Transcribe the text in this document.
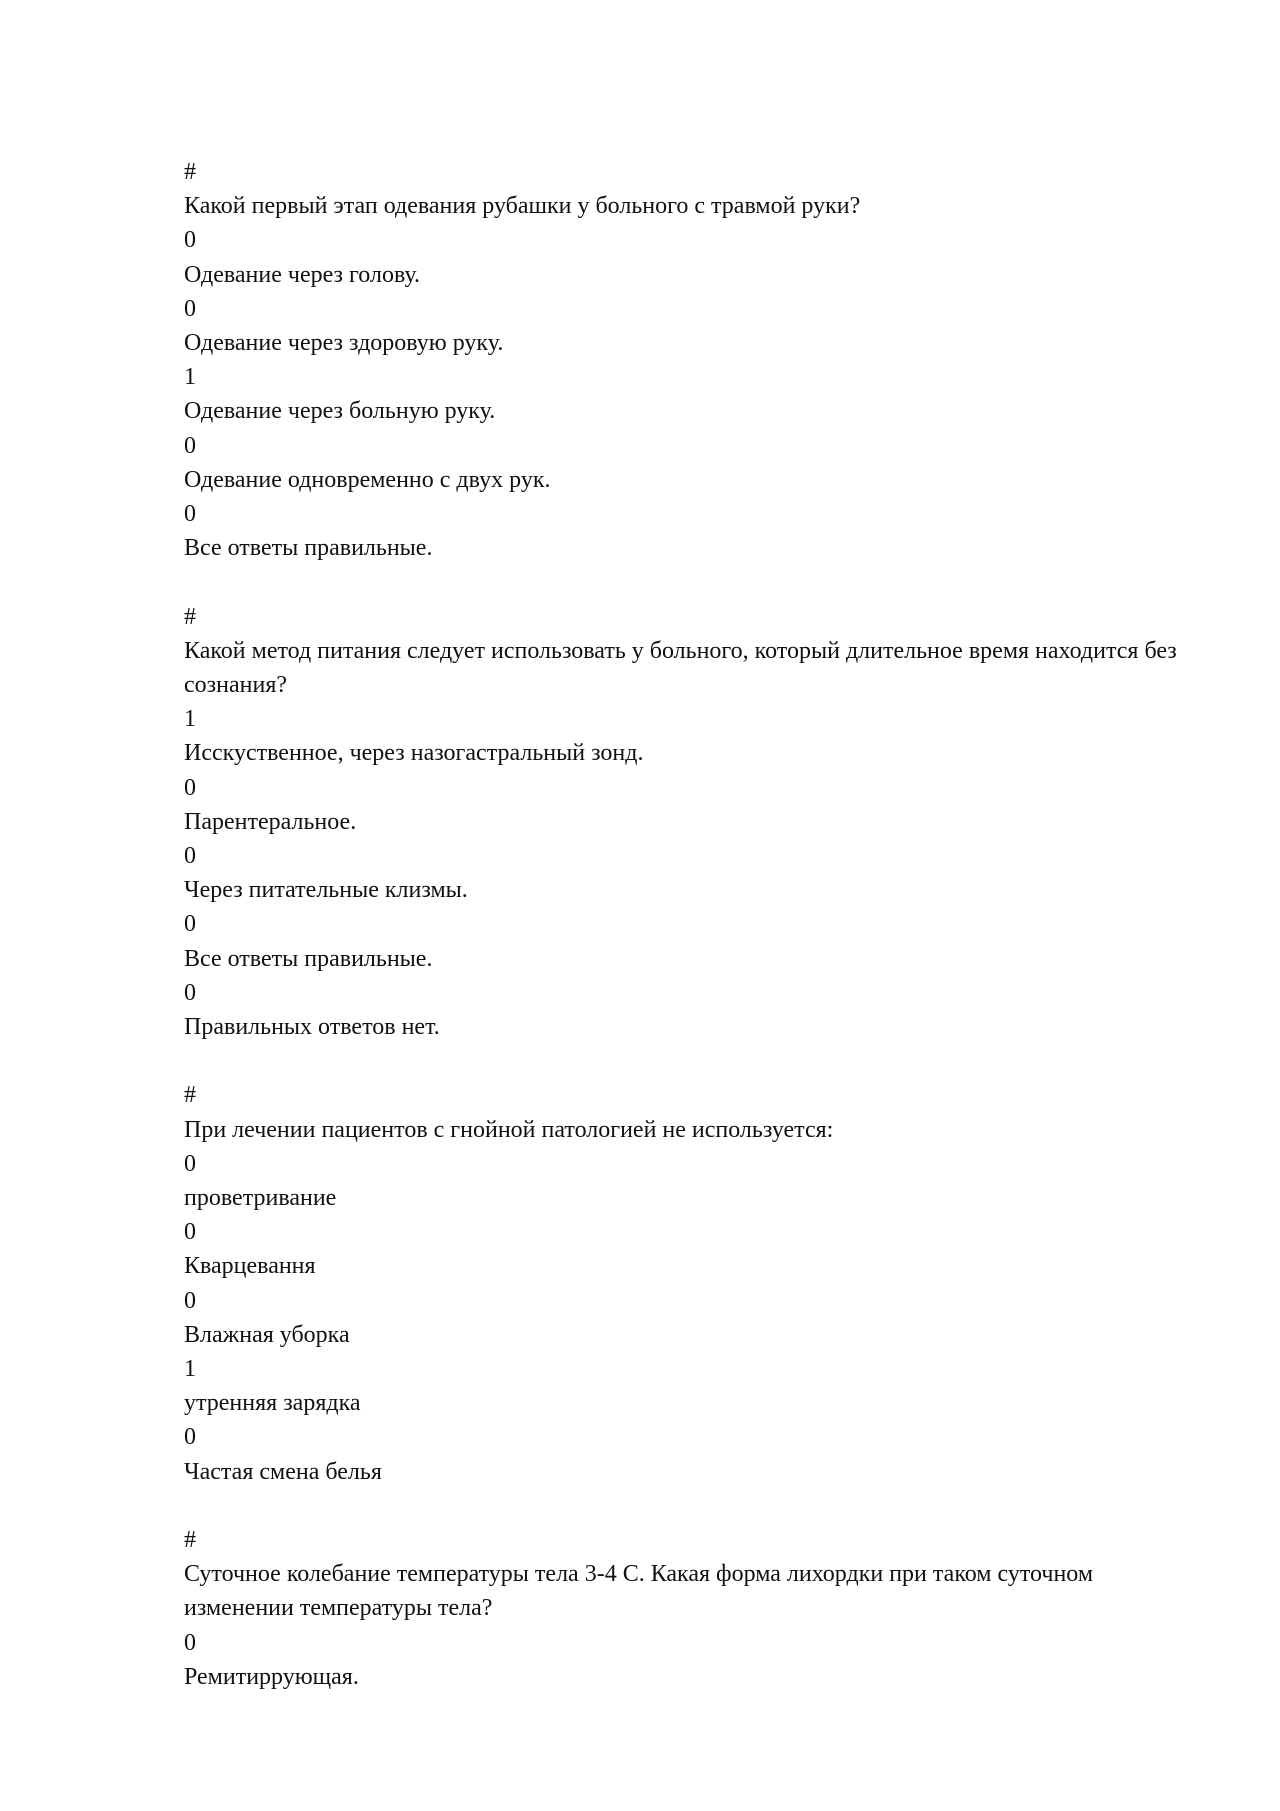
#
Какой первый этап одевания рубашки у больного с травмой руки?
0
Одевание через голову.
0
Одевание через здоровую руку.
1
Одевание через больную руку.
0
Одевание одновременно с двух рук.
0
Все ответы правильные.
#
Какой метод питания следует использовать у больного, который длительное время находится без сознания?
1
Исскуственное, через назогастральный зонд.
0
Парентеральное.
0
Через питательные клизмы.
0
Все ответы правильные.
0
Правильных ответов нет.
#
При лечении пациентов с гнойной патологией не используется:
0
проветривание
0
Кварцевання
0
Влажная уборка
1
утренняя зарядка
0
Частая смена белья
#
Суточное колебание температуры тела 3-4 С. Какая форма лихордки при таком суточном изменении температуры тела?
0
Ремитиррующая.
